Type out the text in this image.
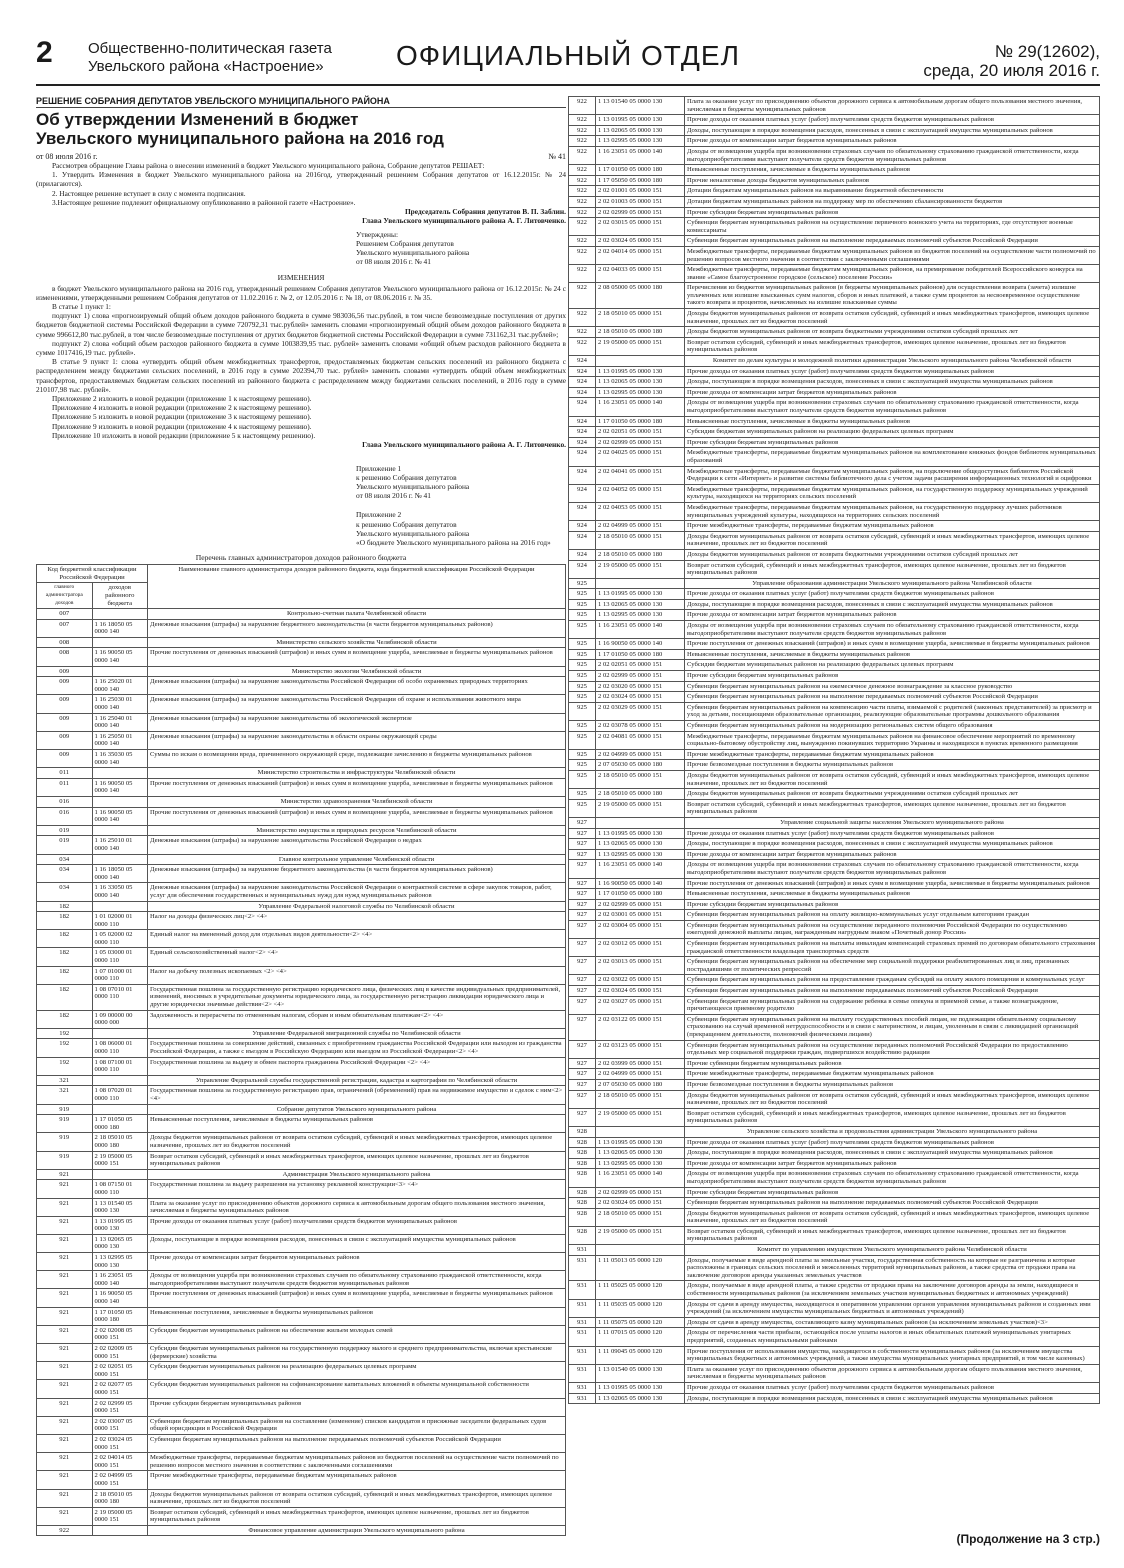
2 Общественно-политическая газета
Увельского района «Настроение»	ОФИЦИАЛЬНЫЙ ОТДЕЛ	№ 29(12602),
среда, 20 июля 2016 г.
РЕШЕНИЕ СОБРАНИЯ ДЕПУТАТОВ УВЕЛЬСКОГО МУНИЦИПАЛЬНОГО РАЙОНА
Об утверждении Изменений в бюджет
Увельского муниципального района на 2016 год
от 08 июля 2016 г.	№ 41

Рассмотрев обращение Главы района о внесении изменений в бюджет Увельского муниципального района, Собрание депутатов РЕШАЕТ:

1. Утвердить Изменения в бюджет Увельского муниципального района на 2016год, утвержденный решением Собрания депутатов от 16.12.2015г. № 24 (прилагаются).

2. Настоящее решение вступает в силу с момента подписания.

3.Настоящее решение подлежит официальному опубликованию в районной газете «Настроение».

Председатель Собрания депутатов В. П. Заблин.
Глава Увельского муниципального района А. Г. Литовченко.
Утверждены:
Решением Собрания депутатов
Увельского муниципального района
от 08 июля 2016 г. № 41
ИЗМЕНЕНИЯ

в бюджет Увельского муниципального района на 2016 год, утвержденный решением Собрания депутатов Увельского муниципального района от 16.12.2015г. № 24 с изменениями, утвержденными решением Собрания депутатов от 11.02.2016 г. № 2, от 12.05.2016 г. № 18, от 08.06.2016 г. № 35.

В статье 1 пункт 1:

подпункт 1) слова «прогнозируемый общий объем доходов районного бюджета в сумме 983036,56 тыс.рублей, в том числе безвозмездные поступления от других бюджетов бюджетной системы Российской Федерации в сумме 720792,31 тыс.рублей» заменить словами «прогнозируемый общий объем доходов районного бюджета в сумме 996612,80 тыс.рублей, в том числе безвозмездные поступления от других бюджетов бюджетной системы Российской Федерации в сумме 731162,31 тыс.рублей»;

подпункт 2) слова «общий объем расходов районного бюджета в сумме 1003839,95 тыс. рублей» заменить словами «общий объем расходов районного бюджета в сумме 1017416,19 тыс. рублей».

В статье 9 пункт 1: слова «утвердить общий объем межбюджетных трансфертов, предоставляемых бюджетам сельских поселений из районного бюджета с распределением между бюджетами сельских поселений, в 2016 году в сумме 202394,70 тыс. рублей» заменить словами «утвердить общий объем межбюджетных трансфертов, предоставляемых бюджетам сельских поселений из районного бюджета с распределением между бюджетами сельских поселений, в 2016 году в сумме 210107,98 тыс. рублей».

Приложение 2 изложить в новой редакции (приложение 1 к настоящему решению).

Приложение 4 изложить в новой редакции (приложение 2 к настоящему решению).

Приложение 5 изложить в новой редакции (приложение 3 к настоящему решению).

Приложение 9 изложить в новой редакции (приложение 4 к настоящему решению).

Приложение 10 изложить в новой редакции (приложение 5 к настоящему решению).

Глава Увельского муниципального района А. Г. Литовченко.
Приложение 1
к решению Собрания депутатов
Увельского муниципального района
от 08 июля 2016 г. № 41
Приложение 2
к решению Собрания депутатов
Увельского муниципального района
«О бюджете Увельского муниципального района на 2016 год»
Перечень главных администраторов доходов районного бюджета
Код бюджетной классификации Российской Федерации		Наименование главного администратора доходов районного бюджета, кода бюджетной классификации Российской Федерации
главного администратора доходов	доходов районного бюджета	
007		Контрольно-счетная палата Челябинской области
007	1 16 18050 05 0000 140	Денежные взыскания (штрафы) за нарушение бюджетного законодательства (в части бюджетов муниципальных районов)
008		Министерство сельского хозяйства Челябинской области
008	1 16 90050 05 0000 140	Прочие поступления от денежных взысканий (штрафов) и иных сумм в возмещение ущерба, зачисляемые в бюджеты муниципальных районов
009		Министерство экологии Челябинской области
009	1 16 25020 01 0000 140	Денежные взыскания (штрафы) за нарушение законодательства Российской Федерации об особо охраняемых природных территориях
009	1 16 25030 01 0000 140	Денежные взыскания (штрафы) за нарушение законодательства Российской Федерации об охране и использовании животного мира
009	1 16 25040 01 0000 140	Денежные взыскания (штрафы) за нарушение законодательства об экологической экспертизе
009	1 16 25050 01 0000 140	Денежные взыскания (штрафы) за нарушение законодательства в области охраны окружающей среды
009	1 16 35030 05 0000 140	Суммы по искам о возмещении вреда, причиненного окружающей среде, подлежащие зачислению в бюджеты муниципальных районов
011		Министерство строительства и инфраструктуры Челябинской области
011	1 16 90050 05 0000 140	Прочие поступления от денежных взысканий (штрафов) и иных сумм в возмещение ущерба, зачисляемые в бюджеты муниципальных районов
016		Министерство здравоохранения Челябинской области
016	1 16 90050 05 0000 140	Прочие поступления от денежных взысканий (штрафов) и иных сумм в возмещение ущерба, зачисляемые в бюджеты муниципальных районов
019		Министерство имущества и природных ресурсов Челябинской области
019	1 16 25010 01 0000 140	Денежные взыскания (штрафы) за нарушение законодательства Российской Федерации о недрах
034		Главное контрольное управление Челябинской области
034	1 16 18050 05 0000 140	Денежные взыскания (штрафы) за нарушение бюджетного законодательства (в части бюджетов муниципальных районов)
034	1 16 33050 05 0000 140	Денежные взыскания (штрафы) за нарушение законодательства Российской Федерации о контрактной системе в сфере закупок товаров, работ, услуг для обеспечения государственных и муниципальных нужд для нужд муниципальных районов
182		Управление Федеральной налоговой службы по Челябинской области
182	1 01 02000 01 0000 110	Налог на доходы физических лиц<2> <4>
182	1 05 02000 02 0000 110	Единый налог на вмененный доход для отдельных видов деятельности<2> <4>
182	1 05 03000 01 0000 110	Единый сельскохозяйственный налог<2> <4>
182	1 07 01000 01 0000 110	Налог на добычу полезных ископаемых <2> <4>
182	1 08 07010 01 0000 110	Государственная пошлина за государственную регистрацию юридического лица, физических лиц в качестве индивидуальных предпринимателей, изменений, вносимых в учредительные документы юридического лица, за государственную регистрацию ликвидации юридического лица и другие юридически значимые действия<2> <4>
182	1 09 00000 00 0000 000	Задолженность и перерасчеты по отмененным налогам, сборам и иным обязательным платежам<2> <4>
192		Управление Федеральной миграционной службы по Челябинской области
192	1 08 06000 01 0000 110	Государственная пошлина за совершение действий, связанных с приобретением гражданства Российской Федерации или выходом из гражданства Российской Федерации, а также с въездом в Российскую Федерацию или выездом из Российской Федерации<2> <4>
192	1 08 07100 01 0000 110	Государственная пошлина за выдачу и обмен паспорта гражданина Российской Федерации <2> <4>
321		Управление Федеральной службы государственной регистрации, кадастра и картографии по Челябинской области
321	1 08 07020 01 0000 110	Государственная пошлина за государственную регистрацию прав, ограничений (обременений) прав на недвижимое имущество и сделок с ним<2> <4>
919		Собрание депутатов Увельского муниципального района
919	1 17 01050 05 0000 180	Невыясненные поступления, зачисляемые в бюджеты муниципальных районов
919	2 18 05010 05 0000 180	Доходы бюджетов муниципальных районов от возврата остатков субсидий, субвенций и иных межбюджетных трансфертов, имеющих целевое назначение, прошлых лет из бюджетов поселений
919	2 19 05000 05 0000 151	Возврат остатков субсидий, субвенций и иных межбюджетных трансфертов, имеющих целевое назначение, прошлых лет из бюджетов муниципальных районов
921		Администрация Увельского муниципального района
921	1 08 07150 01 0000 110	Государственная пошлина за выдачу разрешения на установку рекламной конструкции<3> <4>
921	1 13 01540 05 0000 130	Плата за оказание услуг по присоединению объектов дорожного сервиса к автомобильным дорогам общего пользования местного значения, зачисляемая в бюджеты муниципальных районов
921	1 13 01995 05 0000 130	Прочие доходы от оказания платных услуг (работ) получателями средств бюджетов муниципальных районов
921	1 13 02065 05 0000 130	Доходы, поступающие в порядке возмещения расходов, понесенных в связи с эксплуатацией имущества муниципальных районов
921	1 13 02995 05 0000 130	Прочие доходы от компенсации затрат бюджетов муниципальных районов
921	1 16 23051 05 0000 140	Доходы от возмещения ущерба при возникновении страховых случаев по обязательному страхованию гражданской ответственности, когда выгодоприобретателями выступают получатели средств бюджетов муниципальных районов
921	1 16 90050 05 0000 140	Прочие поступления от денежных взысканий (штрафов) и иных сумм в возмещение ущерба, зачисляемые в бюджеты муниципальных районов
921	1 17 01050 05 0000 180	Невыясненные поступления, зачисляемые в бюджеты муниципальных районов
921	2 02 02008 05 0000 151	Субсидии бюджетам муниципальных районов на обеспечение жильем молодых семей
921	2 02 02009 05 0000 151	Субсидии бюджетам муниципальных районов на государственную поддержку малого и среднего предпринимательства, включая крестьянские (фермерские) хозяйства
921	2 02 02051 05 0000 151	Субсидии бюджетам муниципальных районов на реализацию федеральных целевых программ
921	2 02 02077 05 0000 151	Субсидии бюджетам муниципальных районов на софинансирование капитальных вложений в объекты муниципальной собственности
921	2 02 02999 05 0000 151	Прочие субсидии бюджетам муниципальных районов
921	2 02 03007 05 0000 151	Субвенции бюджетам муниципальных районов на составление (изменение) списков кандидатов в присяжные заседатели федеральных судов общей юрисдикции в Российской Федерации
921	2 02 03024 05 0000 151	Субвенции бюджетам муниципальных районов на выполнение передаваемых полномочий субъектов Российской Федерации
921	2 02 04014 05 0000 151	Межбюджетные трансферты, передаваемые бюджетам муниципальных районов из бюджетов поселений на осуществление части полномочий по решению вопросов местного значения в соответствии с заключенными соглашениями
921	2 02 04999 05 0000 151	Прочие межбюджетные трансферты, передаваемые бюджетам муниципальных районов
921	2 18 05010 05 0000 180	Доходы бюджетов муниципальных районов от возврата остатков субсидий, субвенций и иных межбюджетных трансфертов, имеющих целевое назначение, прошлых лет из бюджетов поселений
921	2 19 05000 05 0000 151	Возврат остатков субсидий, субвенций и иных межбюджетных трансфертов, имеющих целевое назначение, прошлых лет из бюджетов муниципальных районов
922		Финансовое управление администрации Увельского муниципального района
922	1 13 01540 05 0000 130	Плата за оказание услуг по присоединению объектов дорожного сервиса к автомобильным дорогам общего пользования местного значения, зачисляемая в бюджеты муниципальных районов
922	1 13 01995 05 0000 130	Прочие доходы от оказания платных услуг (работ) получателями средств бюджетов муниципальных районов
922	1 13 02065 05 0000 130	Доходы, поступающие в порядке возмещения расходов, понесенных в связи с эксплуатацией имущества муниципальных районов
922	1 13 02995 05 0000 130	Прочие доходы от компенсации затрат бюджетов муниципальных районов
922	1 16 23051 05 0000 140	Доходы от возмещения ущерба при возникновении страховых случаев по обязательному страхованию гражданской ответственности, когда выгодоприобретателями выступают получатели средств бюджетов муниципальных районов
922	1 17 01050 05 0000 180	Невыясненные поступления, зачисляемые в бюджеты муниципальных районов
922	1 17 05050 05 0000 180	Прочие неналоговые доходы бюджетов муниципальных районов
922	2 02 01001 05 0000 151	Дотации бюджетам муниципальных районов на выравнивание бюджетной обеспеченности
922	2 02 01003 05 0000 151	Дотации бюджетам муниципальных районов на поддержку мер по обеспечению сбалансированности бюджетов
922	2 02 02999 05 0000 151	Прочие субсидии бюджетам муниципальных районов
922	2 02 03015 05 0000 151	Субвенции бюджетам муниципальных районов на осуществление первичного воинского учета на территориях, где отсутствуют военные комиссариаты
922	2 02 03024 05 0000 151	Субвенции бюджетам муниципальных районов на выполнение передаваемых полномочий субъектов Российской Федерации
922	2 02 04014 05 0000 151	Межбюджетные трансферты, передаваемые бюджетам муниципальных районов из бюджетов поселений на осуществление части полномочий по решению вопросов местного значения в соответствии с заключенными соглашениями
922	2 02 04033 05 0000 151	Межбюджетные трансферты, передаваемые бюджетам муниципальных районов, на премирование победителей Всероссийского конкурса на звание «Самое благоустроенное городское (сельское) поселение России»
922	2 08 05000 05 0000 180	Перечисления из бюджетов муниципальных районов (в бюджеты муниципальных районов) для осуществления возврата (зачета) излишне уплаченных или излишне взысканных сумм налогов, сборов и иных платежей, а также сумм процентов за несвоевременное осуществление такого возврата и процентов, начисленных на излишне взысканные суммы
922	2 18 05010 05 0000 151	Доходы бюджетов муниципальных районов от возврата остатков субсидий, субвенций и иных межбюджетных трансфертов, имеющих целевое назначение, прошлых лет из бюджетов поселений
922	2 18 05010 05 0000 180	Доходы бюджетов муниципальных районов от возврата бюджетными учреждениями остатков субсидий прошлых лет
922	2 19 05000 05 0000 151	Возврат остатков субсидий, субвенций и иных межбюджетных трансфертов, имеющих целевое назначение, прошлых лет из бюджетов муниципальных районов
924		Комитет по делам культуры и молодежной политики администрации Увельского муниципального района Челябинской области
924	1 13 01995 05 0000 130	Прочие доходы от оказания платных услуг (работ) получателями средств бюджетов муниципальных районов
924	1 13 02065 05 0000 130	Доходы, поступающие в порядке возмещения расходов, понесенных в связи с эксплуатацией имущества муниципальных районов
924	1 13 02995 05 0000 130	Прочие доходы от компенсации затрат бюджетов муниципальных районов
924	1 16 23051 05 0000 140	Доходы от возмещения ущерба при возникновении страховых случаев по обязательному страхованию гражданской ответственности, когда выгодоприобретателями выступают получатели средств бюджетов муниципальных районов
924	1 17 01050 05 0000 180	Невыясненные поступления, зачисляемые в бюджеты муниципальных районов
924	2 02 02051 05 0000 151	Субсидии бюджетам муниципальных районов на реализацию федеральных целевых программ
924	2 02 02999 05 0000 151	Прочие субсидии бюджетам муниципальных районов
924	2 02 04025 05 0000 151	Межбюджетные трансферты, передаваемые бюджетам муниципальных районов на комплектование книжных фондов библиотек муниципальных образований
924	2 02 04041 05 0000 151	Межбюджетные трансферты, передаваемые бюджетам муниципальных районов, на подключение общедоступных библиотек Российской Федерации к сети «Интернет» и развитие системы библиотечного дела с учетом задачи расширения информационных технологий и оцифровки
924	2 02 04052 05 0000 151	Межбюджетные трансферты, передаваемые бюджетам муниципальных районов, на государственную поддержку муниципальных учреждений культуры, находящихся на территориях сельских поселений
924	2 02 04053 05 0000 151	Межбюджетные трансферты, передаваемые бюджетам муниципальных районов, на государственную поддержку лучших работников муниципальных учреждений культуры, находящихся на территориях сельских поселений
924	2 02 04999 05 0000 151	Прочие межбюджетные трансферты, передаваемые бюджетам муниципальных районов
924	2 18 05010 05 0000 151	Доходы бюджетов муниципальных районов от возврата остатков субсидий, субвенций и иных межбюджетных трансфертов, имеющих целевое назначение, прошлых лет из бюджетов поселений
924	2 18 05010 05 0000 180	Доходы бюджетов муниципальных районов от возврата бюджетными учреждениями остатков субсидий прошлых лет
924	2 19 05000 05 0000 151	Возврат остатков субсидий, субвенций и иных межбюджетных трансфертов, имеющих целевое назначение, прошлых лет из бюджетов муниципальных районов
925		Управление образования администрации Увельского муниципального района Челябинской области
925	1 13 01995 05 0000 130	Прочие доходы от оказания платных услуг (работ) получателями средств бюджетов муниципальных районов
925	1 13 02065 05 0000 130	Доходы, поступающие в порядке возмещения расходов, понесенных в связи с эксплуатацией имущества муниципальных районов
925	1 13 02995 05 0000 130	Прочие доходы от компенсации затрат бюджетов муниципальных районов
925	1 16 23051 05 0000 140	Доходы от возмещения ущерба при возникновении страховых случаев по обязательному страхованию гражданской ответственности, когда выгодоприобретателями выступают получатели средств бюджетов муниципальных районов
925	1 16 90050 05 0000 140	Прочие поступления от денежных взысканий (штрафов) и иных сумм в возмещение ущерба, зачисляемые в бюджеты муниципальных районов
925	1 17 01050 05 0000 180	Невыясненные поступления, зачисляемые в бюджеты муниципальных районов
925	2 02 02051 05 0000 151	Субсидии бюджетам муниципальных районов на реализацию федеральных целевых программ
925	2 02 02999 05 0000 151	Прочие субсидии бюджетам муниципальных районов
925	2 02 03020 05 0000 151	Субвенции бюджетам муниципальных районов на ежемесячное денежное вознаграждение за классное руководство
925	2 02 03024 05 0000 151	Субвенции бюджетам муниципальных районов на выполнение передаваемых полномочий субъектов Российской Федерации
925	2 02 03029 05 0000 151	Субвенции бюджетам муниципальных районов на компенсацию части платы, взимаемой с родителей (законных представителей) за присмотр и уход за детьми, посещающими образовательные организации, реализующие образовательные программы дошкольного образования
925	2 02 03078 05 0000 151	Субвенции бюджетам муниципальных районов на модернизацию региональных систем общего образования
925	2 02 04081 05 0000 151	Межбюджетные трансферты, передаваемые бюджетам муниципальных районов на финансовое обеспечение мероприятий по временному социально-бытовому обустройству лиц, вынужденно покинувших территорию Украины и находящихся в пунктах временного размещения
925	2 02 04999 05 0000 151	Прочие межбюджетные трансферты, передаваемые бюджетам муниципальных районов
925	2 07 05030 05 0000 180	Прочие безвозмездные поступления в бюджеты муниципальных районов
925	2 18 05010 05 0000 151	Доходы бюджетов муниципальных районов от возврата остатков субсидий, субвенций и иных межбюджетных трансфертов, имеющих целевое назначение, прошлых лет из бюджетов поселений
925	2 18 05010 05 0000 180	Доходы бюджетов муниципальных районов от возврата бюджетными учреждениями остатков субсидий прошлых лет
925	2 19 05000 05 0000 151	Возврат остатков субсидий, субвенций и иных межбюджетных трансфертов, имеющих целевое назначение, прошлых лет из бюджетов муниципальных районов
927		Управление социальной защиты населения Увельского муниципального района
927	1 13 01995 05 0000 130	Прочие доходы от оказания платных услуг (работ) получателями средств бюджетов муниципальных районов
927	1 13 02065 05 0000 130	Доходы, поступающие в порядке возмещения расходов, понесенных в связи с эксплуатацией имущества муниципальных районов
927	1 13 02995 05 0000 130	Прочие доходы от компенсации затрат бюджетов муниципальных районов
927	1 16 23051 05 0000 140	Доходы от возмещения ущерба при возникновении страховых случаев по обязательному страхованию гражданской ответственности, когда выгодоприобретателями выступают получатели средств бюджетов муниципальных районов
927	1 16 90050 05 0000 140	Прочие поступления от денежных взысканий (штрафов) и иных сумм в возмещение ущерба, зачисляемые в бюджеты муниципальных районов
927	1 17 01050 05 0000 180	Невыясненные поступления, зачисляемые в бюджеты муниципальных районов
927	2 02 02999 05 0000 151	Прочие субсидии бюджетам муниципальных районов
927	2 02 03001 05 0000 151	Субвенции бюджетам муниципальных районов на оплату жилищно-коммунальных услуг отдельным категориям граждан
927	2 02 03004 05 0000 151	Субвенции бюджетам муниципальных районов на осуществление переданного полномочия Российской Федерации по осуществлению ежегодной денежной выплаты лицам, награжденным нагрудным знаком «Почетный донор России»
927	2 02 03012 05 0000 151	Субвенции бюджетам муниципальных районов на выплаты инвалидам компенсаций страховых премий по договорам обязательного страхования гражданской ответственности владельцев транспортных средств
927	2 02 03013 05 0000 151	Субвенции бюджетам муниципальных районов на обеспечение мер социальной поддержки реабилитированных лиц и лиц, признанных пострадавшими от политических репрессий
927	2 02 03022 05 0000 151	Субвенции бюджетам муниципальных районов на предоставление гражданам субсидий на оплату жилого помещения и коммунальных услуг
927	2 02 03024 05 0000 151	Субвенции бюджетам муниципальных районов на выполнение передаваемых полномочий субъектов Российской Федерации
927	2 02 03027 05 0000 151	Субвенции бюджетам муниципальных районов на содержание ребенка в семье опекуна и приемной семье, а также вознаграждение, причитающееся приемному родителю
927	2 02 03122 05 0000 151	Субвенции бюджетам муниципальных районов на выплату государственных пособий лицам, не подлежащим обязательному социальному страхованию на случай временной нетрудоспособности и в связи с материнством, и лицам, уволенным в связи с ликвидацией организаций (прекращением деятельности, полномочий физическими лицами)
927	2 02 03123 05 0000 151	Субвенции бюджетам муниципальных районов на осуществление переданных полномочий Российской Федерации по предоставлению отдельных мер социальной поддержки граждан, подвергшихся воздействию радиации
927	2 02 03999 05 0000 151	Прочие субвенции бюджетам муниципальных районов
927	2 02 04999 05 0000 151	Прочие межбюджетные трансферты, передаваемые бюджетам муниципальных районов
927	2 07 05030 05 0000 180	Прочие безвозмездные поступления в бюджеты муниципальных районов
927	2 18 05010 05 0000 151	Доходы бюджетов муниципальных районов от возврата остатков субсидий, субвенций и иных межбюджетных трансфертов, имеющих целевое назначение, прошлых лет из бюджетов поселений
927	2 19 05000 05 0000 151	Возврат остатков субсидий, субвенций и иных межбюджетных трансфертов, имеющих целевое назначение, прошлых лет из бюджетов муниципальных районов
928		Управление сельского хозяйства и продовольствия администрации Увельского муниципального района
928	1 13 01995 05 0000 130	Прочие доходы от оказания платных услуг (работ) получателями средств бюджетов муниципальных районов
928	1 13 02065 05 0000 130	Доходы, поступающие в порядке возмещения расходов, понесенных в связи с эксплуатацией имущества муниципальных районов
928	1 13 02995 05 0000 130	Прочие доходы от компенсации затрат бюджетов муниципальных районов
928	1 16 23051 05 0000 140	Доходы от возмещения ущерба при возникновении страховых случаев по обязательному страхованию гражданской ответственности, когда выгодоприобретателями выступают получатели средств бюджетов муниципальных районов
928	2 02 02999 05 0000 151	Прочие субсидии бюджетам муниципальных районов
928	2 02 03024 05 0000 151	Субвенции бюджетам муниципальных районов на выполнение передаваемых полномочий субъектов Российской Федерации
928	2 18 05010 05 0000 151	Доходы бюджетов муниципальных районов от возврата остатков субсидий, субвенций и иных межбюджетных трансфертов, имеющих целевое назначение, прошлых лет из бюджетов поселений
928	2 19 05000 05 0000 151	Возврат остатков субсидий, субвенций и иных межбюджетных трансфертов, имеющих целевое назначение, прошлых лет из бюджетов муниципальных районов
931		Комитет по управлению имуществом Увельского муниципального района Челябинской области
931	1 11 05013 05 0000 120	Доходы, получаемые в виде арендной платы за земельные участки, государственная собственность на которые не разграничена и которые расположены в границах сельских поселений и межселенных территорий муниципальных районов, а также средства от продажи права на заключение договоров аренды указанных земельных участков
931	1 11 05025 05 0000 120	Доходы, получаемые в виде арендной платы, а также средства от продажи права на заключение договоров аренды за земли, находящиеся в собственности муниципальных районов (за исключением земельных участков муниципальных бюджетных и автономных учреждений)
931	1 11 05035 05 0000 120	Доходы от сдачи в аренду имущества, находящегося в оперативном управлении органов управления муниципальных районов и созданных ими учреждений (за исключением имущества муниципальных бюджетных и автономных учреждений)
931	1 11 05075 05 0000 120	Доходы от сдачи в аренду имущества, составляющего казну муниципальных районов (за исключением земельных участков)<3>
931	1 11 07015 05 0000 120	Доходы от перечисления части прибыли, остающейся после уплаты налогов и иных обязательных платежей муниципальных унитарных предприятий, созданных муниципальными районами
931	1 11 09045 05 0000 120	Прочие поступления от использования имущества, находящегося в собственности муниципальных районов (за исключением имущества муниципальных бюджетных и автономных учреждений, а также имущества муниципальных унитарных предприятий, в том числе казенных)
931	1 13 01540 05 0000 130	Плата за оказание услуг по присоединению объектов дорожного сервиса к автомобильным дорогам общего пользования местного значения, зачисляемая в бюджеты муниципальных районов
931	1 13 01995 05 0000 130	Прочие доходы от оказания платных услуг (работ) получателями средств бюджетов муниципальных районов
931	1 13 02065 05 0000 130	Доходы, поступающие в порядке возмещения расходов, понесенных в связи с эксплуатацией имущества муниципальных районов
(Продолжение на 3 стр.)
